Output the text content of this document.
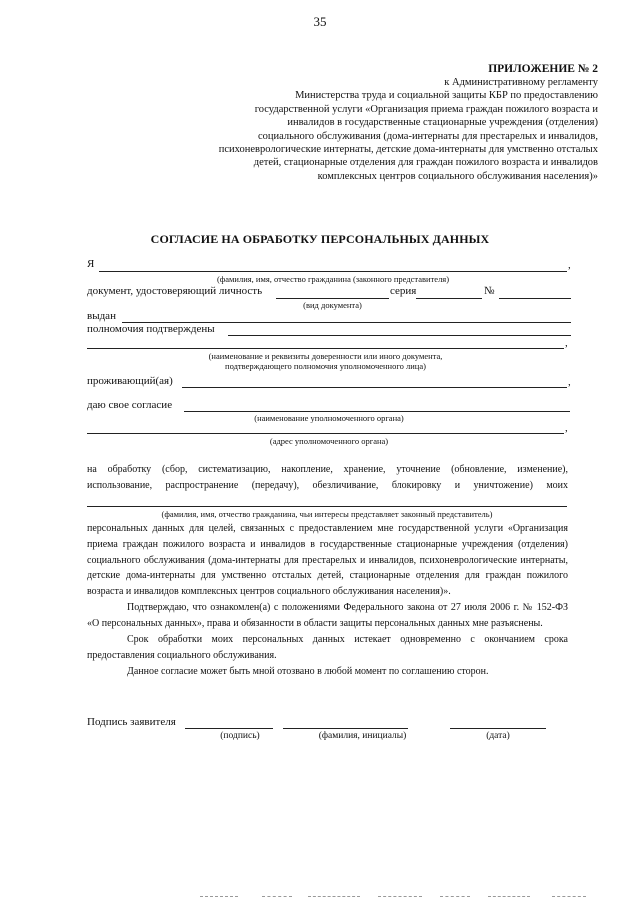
35
ПРИЛОЖЕНИЕ № 2
к Административному регламенту
Министерства труда и социальной защиты КБР по предоставлению
государственной услуги «Организация приема граждан пожилого возраста и
инвалидов в государственные стационарные учреждения (отделения)
социального обслуживания (дома-интернаты для престарелых и инвалидов,
психоневрологические интернаты, детские дома-интернаты для умственно отсталых
детей, стационарные отделения для граждан пожилого возраста и инвалидов
комплексных центров социального обслуживания населения)»
СОГЛАСИЕ НА ОБРАБОТКУ ПЕРСОНАЛЬНЫХ ДАННЫХ
Я	,
(фамилия, имя, отчество гражданина (законного представителя)
документ, удостоверяющий личность	серия	№
(вид документа)
выдан
полномочия подтверждены
,
(наименование и реквизиты доверенности или иного документа,
подтверждающего полномочия уполномоченного лица)
проживающий(ая)	,
даю свое согласие
(наименование уполномоченного органа)
,
(адрес уполномоченного органа)
на обработку (сбор, систематизацию, накопление, хранение, уточнение (обновление, изменение),
использование, распространение (передачу), обезличивание, блокировку и уничтожение) моих
(фамилия, имя, отчество гражданина, чьи интересы представляет законный представитель)
персональных данных для целей, связанных с предоставлением мне государственной услуги «Организация приема граждан пожилого возраста и инвалидов в государственные стационарные учреждения (отделения) социального обслуживания (дома-интернаты для престарелых и инвалидов, психоневрологические интернаты, детские дома-интернаты для умственно отсталых детей, стационарные отделения для граждан пожилого возраста и инвалидов комплексных центров социального обслуживания населения)».
Подтверждаю, что ознакомлен(а) с положениями Федерального закона от 27 июля 2006 г. № 152-ФЗ «О персональных данных», права и обязанности в области защиты персональных данных мне разъяснены.
Срок обработки моих персональных данных истекает одновременно с окончанием срока предоставления социального обслуживания.
Данное согласие может быть мной отозвано в любой момент по соглашению сторон.
Подпись заявителя
(подпись)	(фамилия, инициалы)	(дата)
